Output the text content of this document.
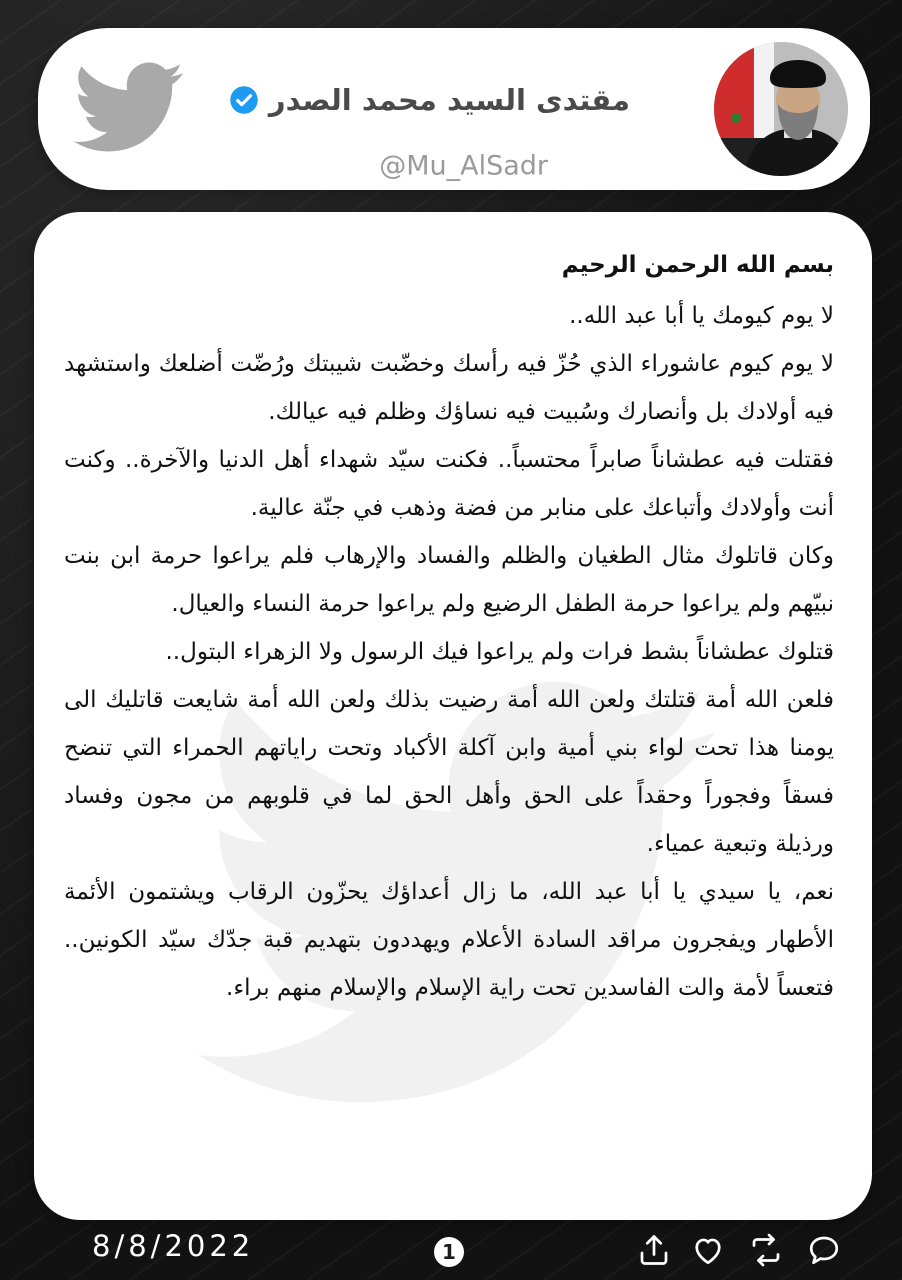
مقتدى السيد محمد الصدر
@Mu_AlSadr
بسم الله الرحمن الرحيم

لا يوم كيومك يا أبا عبد الله..

لا يوم كيوم عاشوراء الذي حُزّ فيه رأسك وخضّبت شيبتك ورُضّت أضلعك واستشهد فيه أولادك بل وأنصارك وسُبيت فيه نساؤك وظلم فيه عيالك.

فقتلت فيه عطشاناً صابراً محتسباً.. فكنت سيّد شهداء أهل الدنيا والآخرة.. وكنت أنت وأولادك وأتباعك على منابر من فضة وذهب في جنّة عالية.

وكان قاتلوك مثال الطغيان والظلم والفساد والإرهاب فلم يراعوا حرمة ابن بنت نبيّهم ولم يراعوا حرمة الطفل الرضيع ولم يراعوا حرمة النساء والعيال.

قتلوك عطشاناً بشط فرات ولم يراعوا فيك الرسول ولا الزهراء البتول..

فلعن الله أمة قتلتك ولعن الله أمة رضيت بذلك ولعن الله أمة شايعت قاتليك الى يومنا هذا تحت لواء بني أمية وابن آكلة الأكباد وتحت راياتهم الحمراء التي تنضح فسقاً وفجوراً وحقداً على الحق وأهل الحق لما في قلوبهم من مجون وفساد ورذيلة وتبعية عمياء.

نعم، يا سيدي يا أبا عبد الله، ما زال أعداؤك يحزّون الرقاب ويشتمون الأئمة الأطهار ويفجرون مراقد السادة الأعلام ويهددون بتهديم قبة جدّك سيّد الكونين.. فتعساً لأمة والت الفاسدين تحت راية الإسلام والإسلام منهم براء.

8/8/2022	1
